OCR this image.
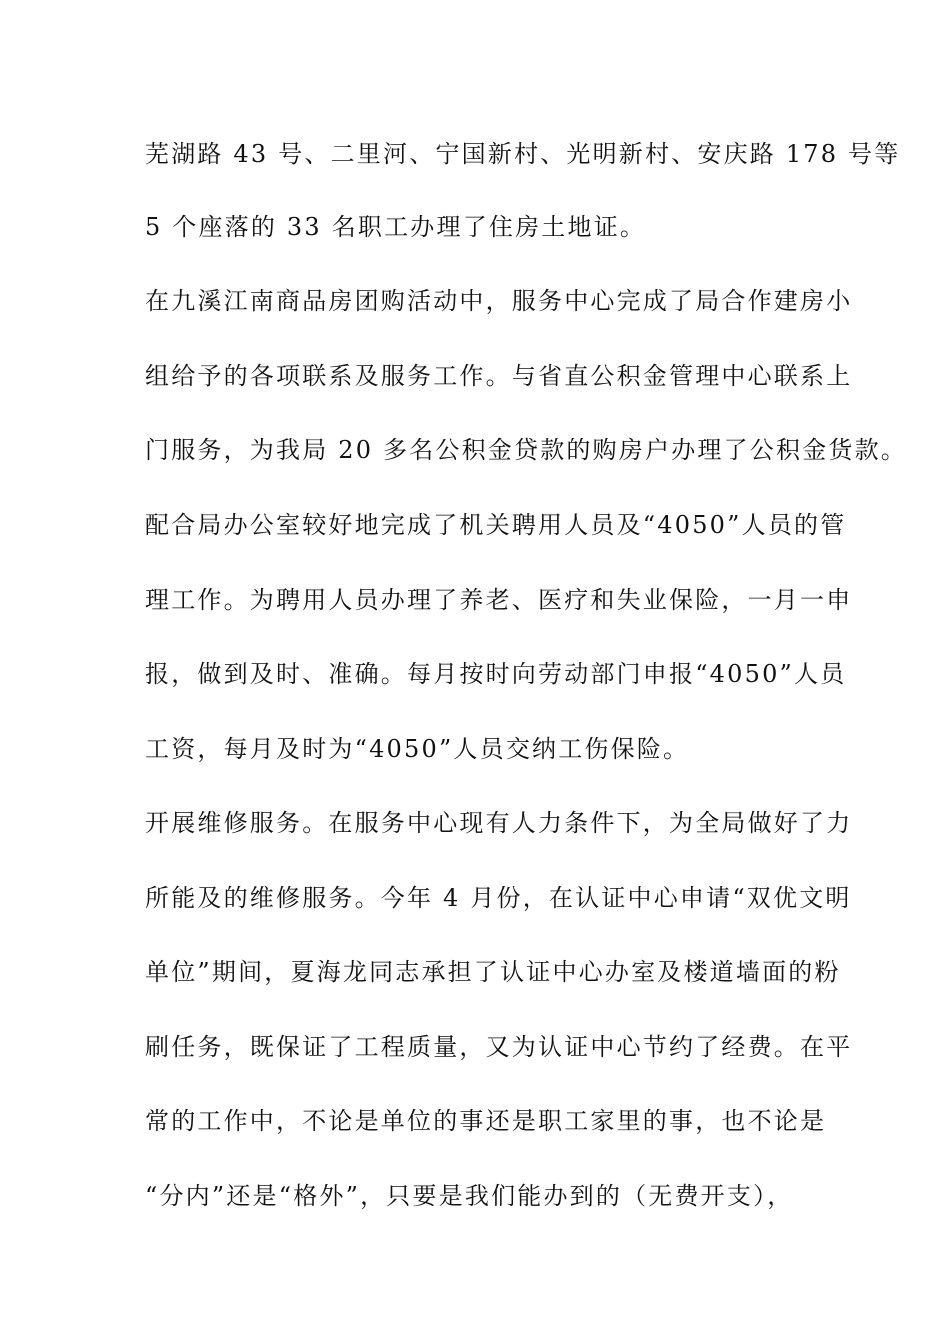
芜湖路 43 号、二里河、宁国新村、光明新村、安庆路 178 号等
5 个座落的 33 名职工办理了住房土地证。
在九溪江南商品房团购活动中，服务中心完成了局合作建房小
组给予的各项联系及服务工作。与省直公积金管理中心联系上
门服务，为我局 20 多名公积金贷款的购房户办理了公积金货款。
配合局办公室较好地完成了机关聘用人员及“4050”人员的管
理工作。为聘用人员办理了养老、医疗和失业保险，一月一申
报，做到及时、准确。每月按时向劳动部门申报“4050”人员
工资，每月及时为“4050”人员交纳工伤保险。
开展维修服务。在服务中心现有人力条件下，为全局做好了力
所能及的维修服务。今年 4 月份，在认证中心申请“双优文明
单位”期间，夏海龙同志承担了认证中心办室及楼道墙面的粉
刷任务，既保证了工程质量，又为认证中心节约了经费。在平
常的工作中，不论是单位的事还是职工家里的事，也不论是
“分内”还是“格外”，只要是我们能办到的（无费开支），
